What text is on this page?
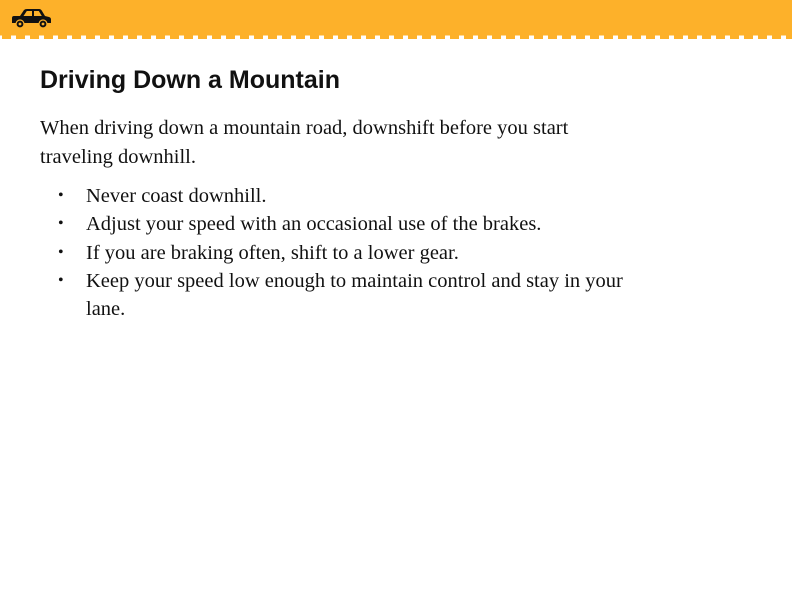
Driving Down a Mountain

When driving down a mountain road, downshift before you start traveling downhill.

• Never coast downhill.
• Adjust your speed with an occasional use of the brakes.
• If you are braking often, shift to a lower gear.
• Keep your speed low enough to maintain control and stay in your lane.
